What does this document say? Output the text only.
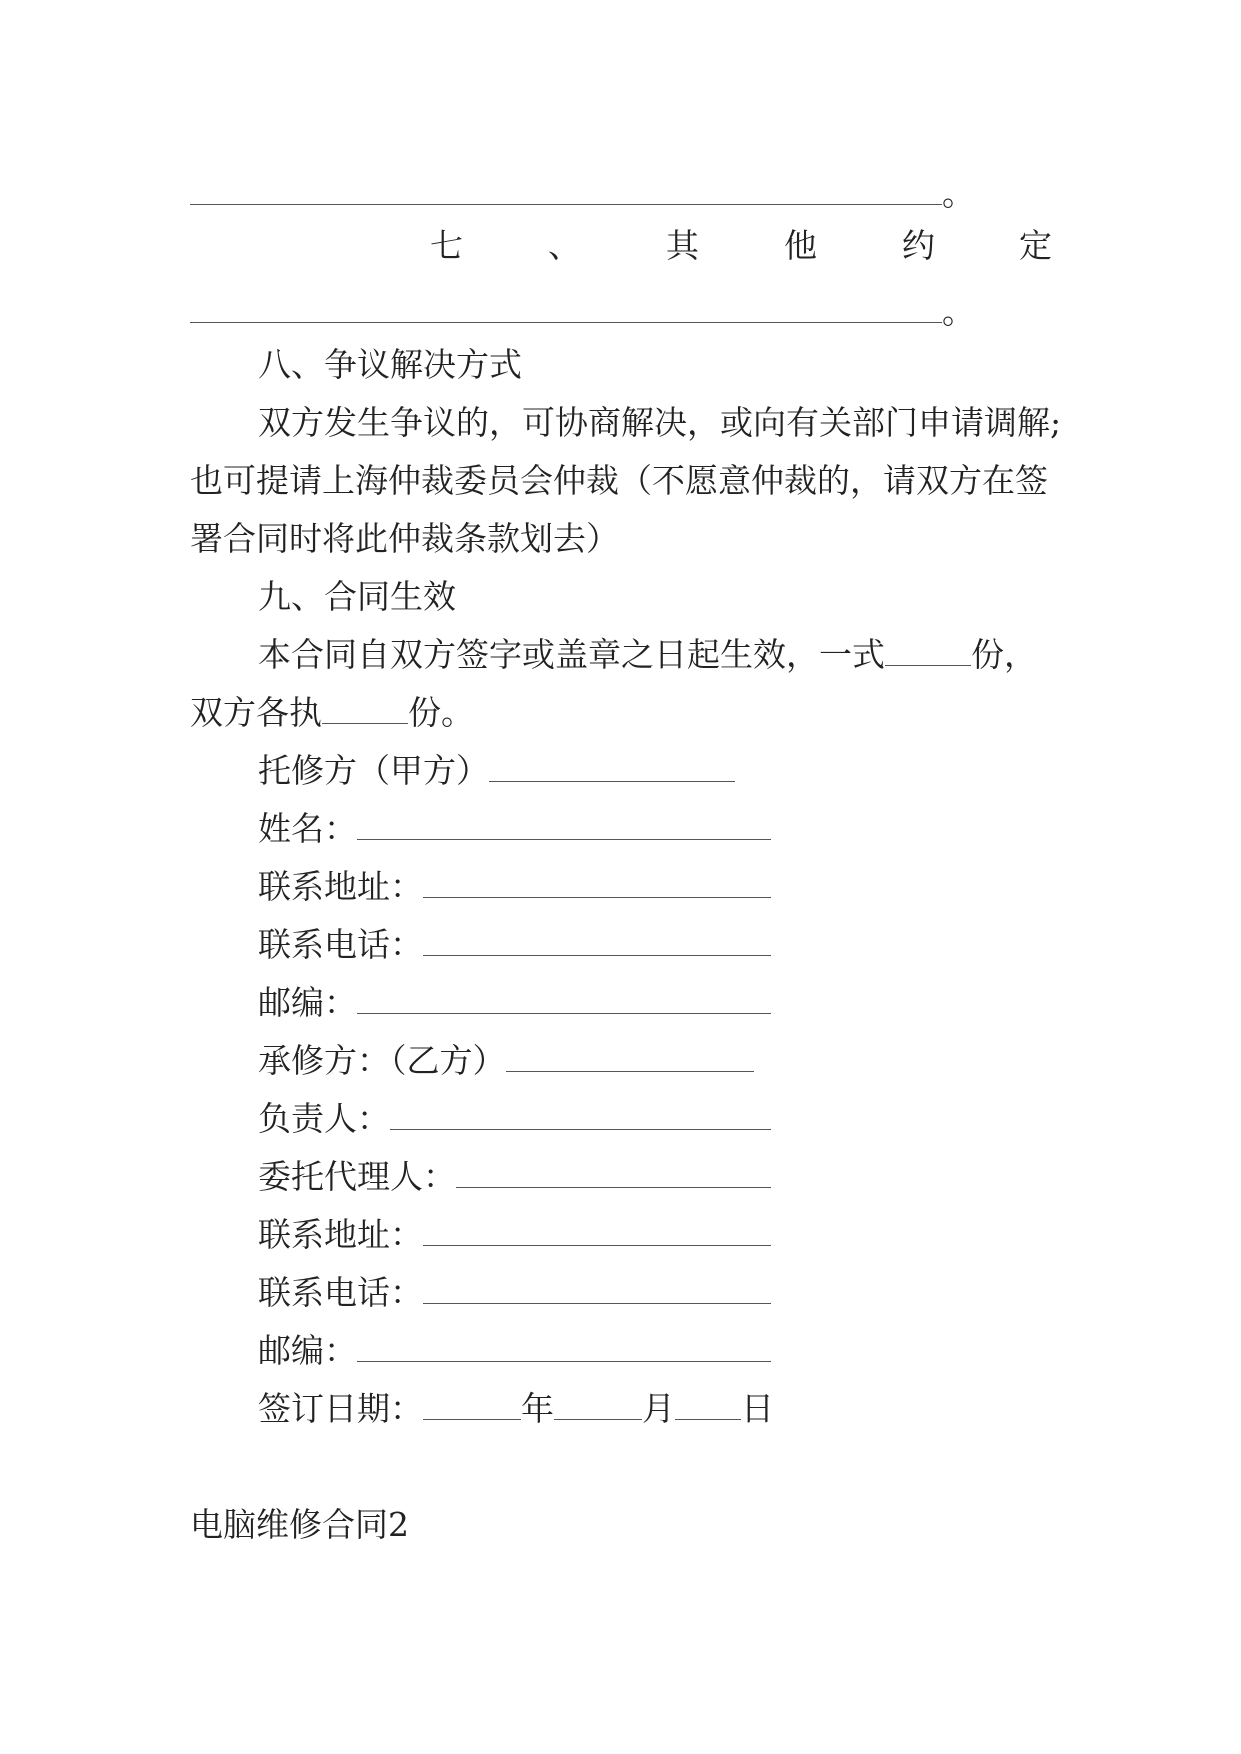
。
七	、	其	他	约	定
。
八、争议解决方式
双方发生争议的，可协商解决，或向有关部门申请调解;
也可提请上海仲裁委员会仲裁（不愿意仲裁的，请双方在签
署合同时将此仲裁条款划去）
九、合同生效
本合同自双方签字或盖章之日起生效，一式	份，
双方各执	份。
托修方（甲方）
姓名：
联系地址：
联系电话：
邮编：
承修方：（乙方）
负责人：
委托代理人：
联系地址：
联系电话：
邮编：
签订日期：	年	月 日
电脑维修合同2
